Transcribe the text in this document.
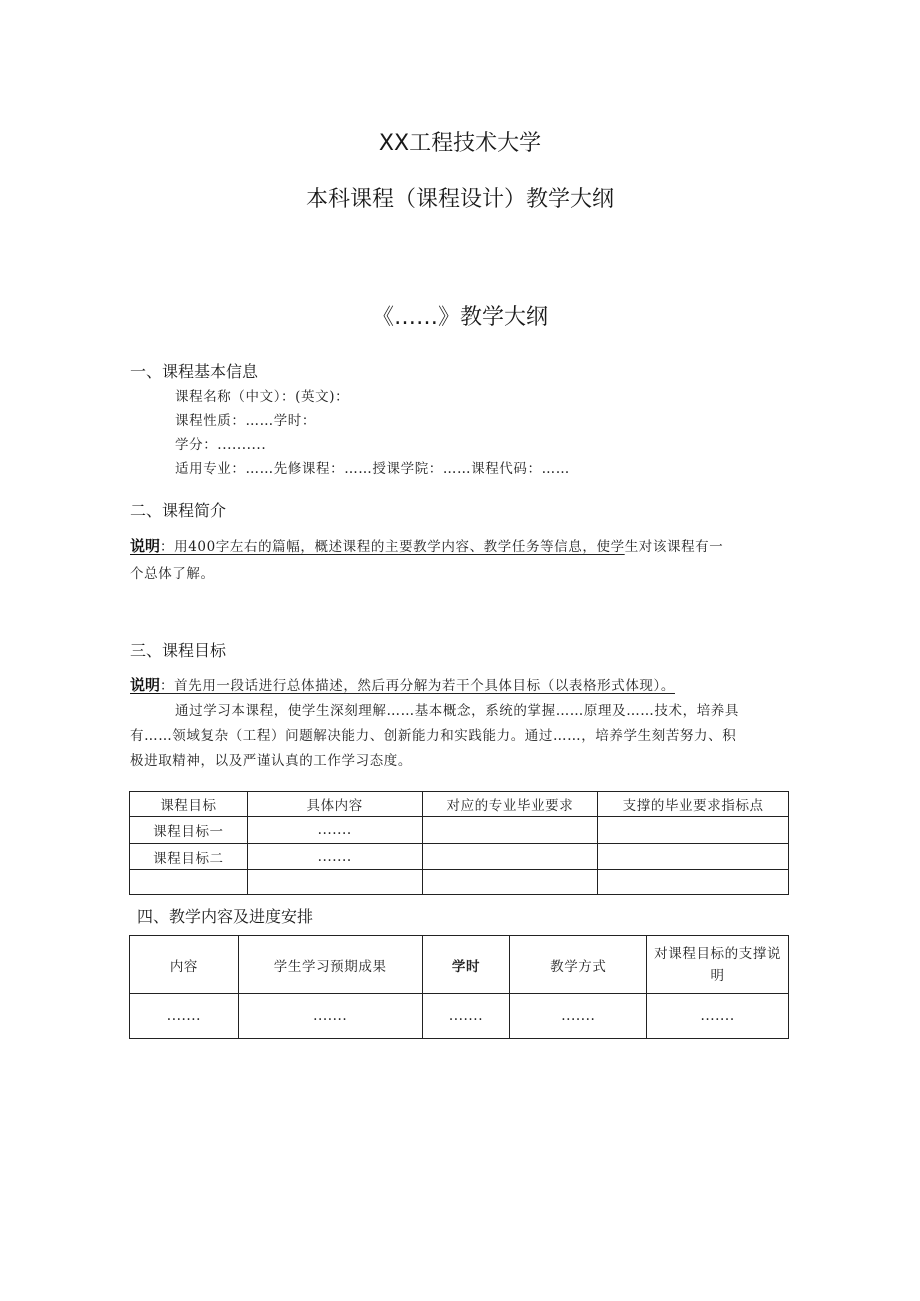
XX工程技术大学
本科课程（课程设计）教学大纲
《……》教学大纲
一、课程基本信息
课程名称（中文）：(英文)：
课程性质：……学时：
学分：..........
适用专业：……先修课程：……授课学院：……课程代码：……
二、课程简介
说明：用400字左右的篇幅，概述课程的主要教学内容、教学任务等信息，使学生对该课程有一
个总体了解。
三、课程目标
说明：首先用一段话进行总体描述，然后再分解为若干个具体目标（以表格形式体现）。
通过学习本课程，使学生深刻理解……基本概念，系统的掌握……原理及……技术，培养具
有……领域复杂（工程）问题解决能力、创新能力和实践能力。通过……，培养学生刻苦努力、积
极进取精神，以及严谨认真的工作学习态度。
课程目标	具体内容	对应的专业毕业要求	支撑的毕业要求指标点
课程目标一	.......		
课程目标二	.......		

四、教学内容及进度安排
内容	学生学习预期成果	学时	教学方式	对课程目标的支撑说明
.......	.......	.......	.......	.......
